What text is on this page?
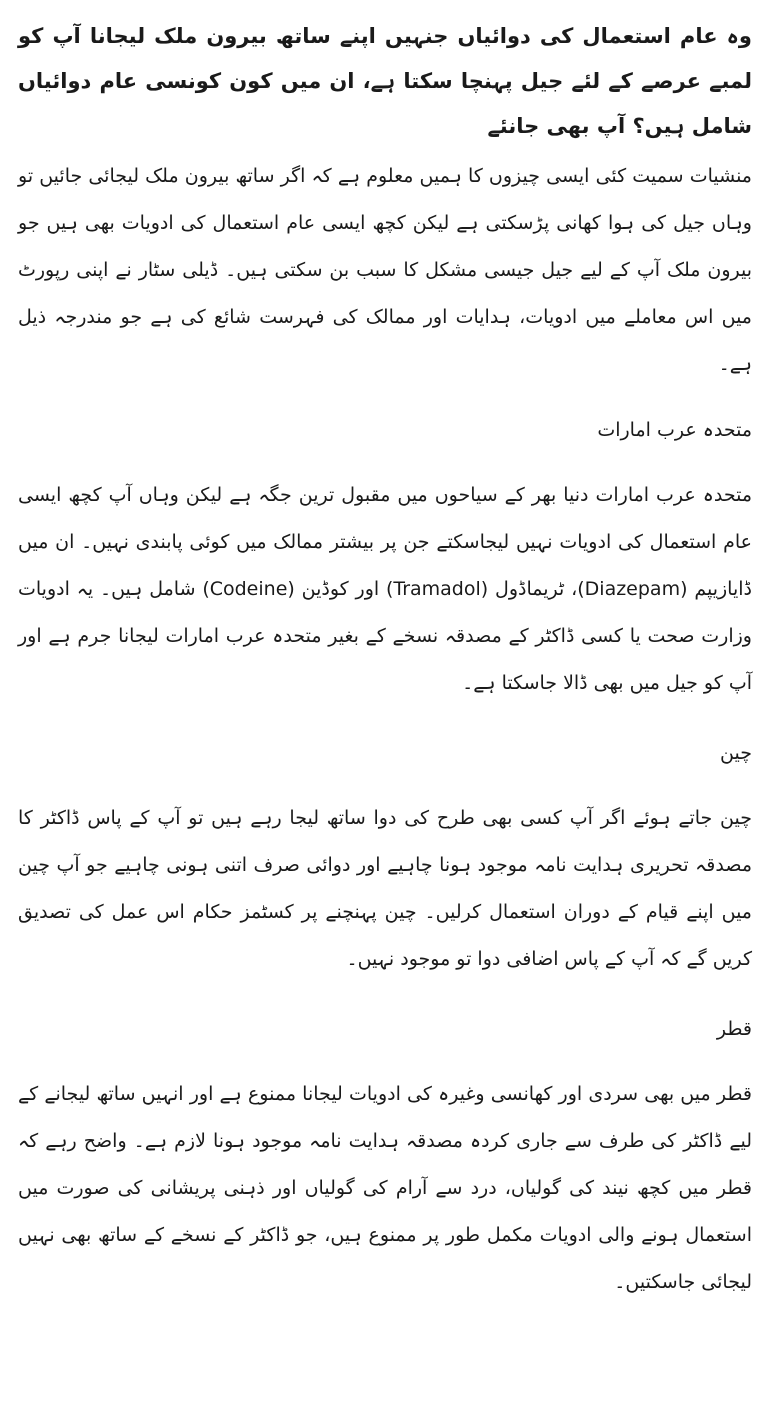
وہ عام استعمال کی دوائیاں جنہیں اپنے ساتھ بیرون ملک لیجانا آپ کو لمبے عرصے کے لئے جیل پہنچا سکتا ہے، ان میں کون کونسی عام دوائیاں شامل ہیں؟ آپ بھی جانئے

منشیات سمیت کئی ایسی چیزوں کا ہمیں معلوم ہے کہ اگر ساتھ بیرون ملک لیجائی جائیں تو وہاں جیل کی ہوا کھانی پڑسکتی ہے لیکن کچھ ایسی عام استعمال کی ادویات بھی ہیں جو بیرون ملک آپ کے لیے جیل جیسی مشکل کا سبب بن سکتی ہیں۔ ڈیلی سٹار نے اپنی رپورٹ میں اس معاملے میں ادویات، ہدایات اور ممالک کی فہرست شائع کی ہے جو مندرجہ ذیل ہے۔

متحدہ عرب امارات

متحدہ عرب امارات دنیا بھر کے سیاحوں میں مقبول ترین جگہ ہے لیکن وہاں آپ کچھ ایسی عام استعمال کی ادویات نہیں لیجاسکتے جن پر بیشتر ممالک میں کوئی پابندی نہیں۔ ان میں ڈایازیپم (Diazepam)، ٹریماڈول (Tramadol) اور کوڈین (Codeine) شامل ہیں۔ یہ ادویات وزارت صحت یا کسی ڈاکٹر کے مصدقہ نسخے کے بغیر متحدہ عرب امارات لیجانا جرم ہے اور آپ کو جیل میں بھی ڈالا جاسکتا ہے۔

چین

چین جاتے ہوئے اگر آپ کسی بھی طرح کی دوا ساتھ لیجا رہے ہیں تو آپ کے پاس ڈاکٹر کا مصدقہ تحریری ہدایت نامہ موجود ہونا چاہیے اور دوائی صرف اتنی ہونی چاہیے جو آپ چین میں اپنے قیام کے دوران استعمال کرلیں۔ چین پہنچنے پر کسٹمز حکام اس عمل کی تصدیق کریں گے کہ آپ کے پاس اضافی دوا تو موجود نہیں۔

قطر

قطر میں بھی سردی اور کھانسی وغیرہ کی ادویات لیجانا ممنوع ہے اور انہیں ساتھ لیجانے کے لیے ڈاکٹر کی طرف سے جاری کردہ مصدقہ ہدایت نامہ موجود ہونا لازم ہے۔ واضح رہے کہ قطر میں کچھ نیند کی گولیاں، درد سے آرام کی گولیاں اور ذہنی پریشانی کی صورت میں استعمال ہونے والی ادویات مکمل طور پر ممنوع ہیں، جو ڈاکٹر کے نسخے کے ساتھ بھی نہیں لیجائی جاسکتیں۔
